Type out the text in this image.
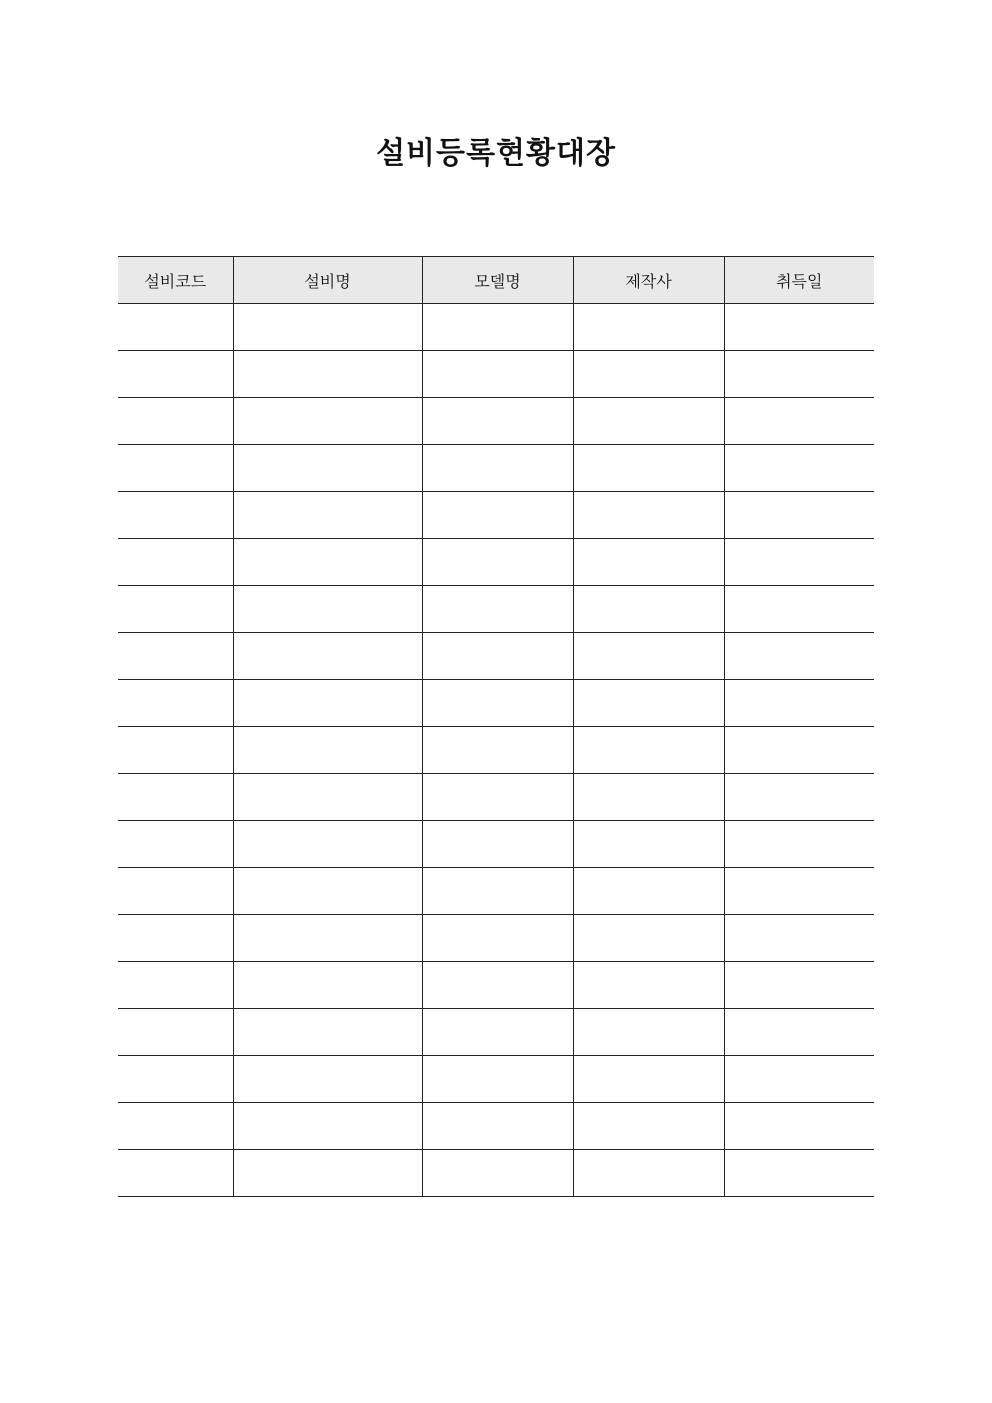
설비등록현황대장
설비코드	설비명	모델명	제작사	취득일
